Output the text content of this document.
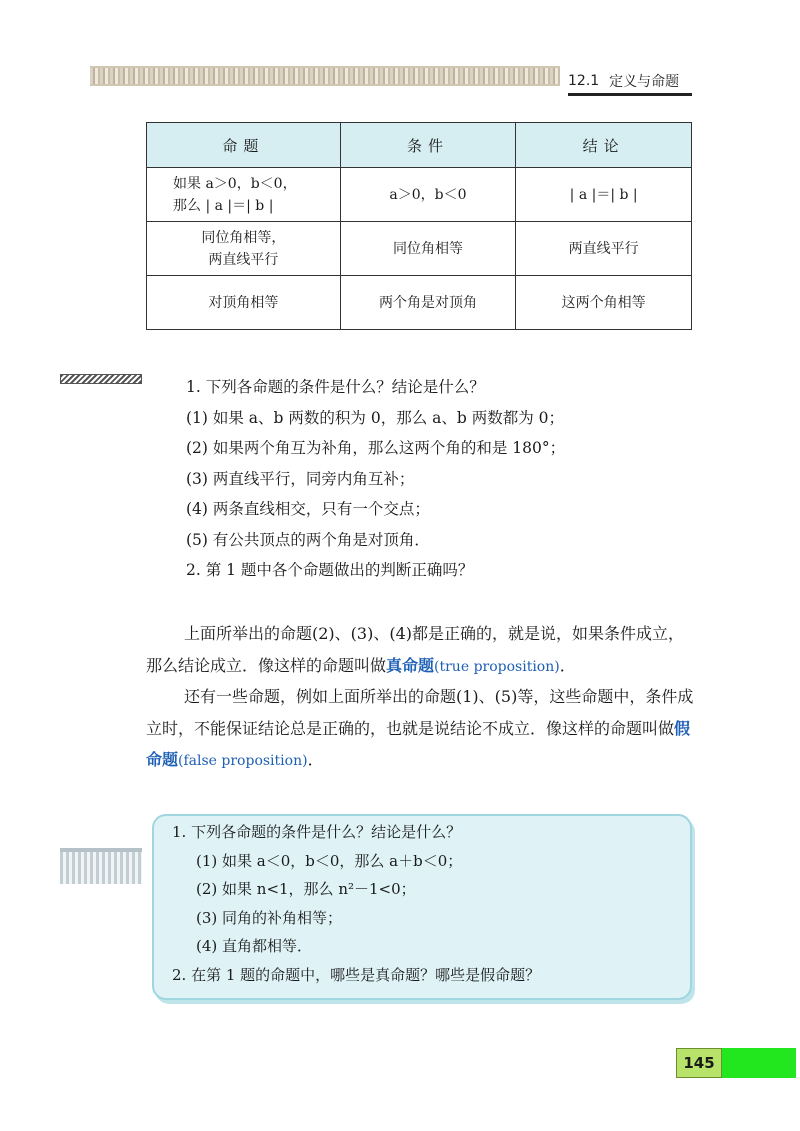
12.1 定义与命题
命题	条件	结论

如果 a＞0，b＜0，
那么 | a |＝| b |	a＞0，b＜0	| a |＝| b |

同位角相等，
两直线平行	同位角相等	两直线平行
对顶角相等	两个角是对顶角	这两个角相等
1. 下列各命题的条件是什么？结论是什么？
(1) 如果 a、b 两数的积为 0，那么 a、b 两数都为 0；
(2) 如果两个角互为补角，那么这两个角的和是 180°；
(3) 两直线平行，同旁内角互补；
(4) 两条直线相交，只有一个交点；
(5) 有公共顶点的两个角是对顶角．
2. 第 1 题中各个命题做出的判断正确吗？
上面所举出的命题(2)、(3)、(4)都是正确的，就是说，如果条件成立，那么结论成立．像这样的命题叫做真命题(true proposition)．
还有一些命题，例如上面所举出的命题(1)、(5)等，这些命题中，条件成立时，不能保证结论总是正确的，也就是说结论不成立．像这样的命题叫做假命题(false proposition)．
1. 下列各命题的条件是什么？结论是什么？
(1) 如果 a＜0，b＜0，那么 a＋b＜0；
(2) 如果 n<1，那么 n²－1<0；
(3) 同角的补角相等；
(4) 直角都相等．
2. 在第 1 题的命题中，哪些是真命题？哪些是假命题？
145
